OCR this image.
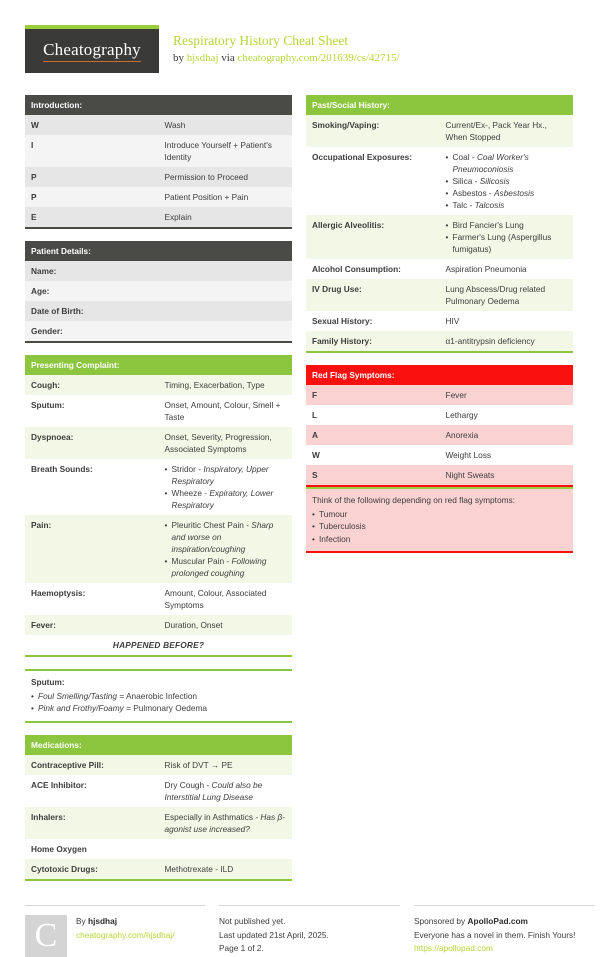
Cheatography Respiratory History Cheat Sheet
by hjsdhaj via cheatography.com/201639/cs/42715/
Introduction:	
W	Wash
I	Introduce Yourself + Patient's Identity
P	Permission to Proceed
P	Patient Position + Pain
E	Explain
Patient Details:	
Name:	
Age:	
Date of Birth:	
Gender:	
Presenting Complaint:	
Cough:	Timing, Exacerbation, Type
Sputum:	Onset, Amount, Colour, Smell + Taste
Dyspnoea:	Onset, Severity, Progression, Associated Symptoms
Breath Sounds:	
•Stridor - Inspiratory, Upper Respiratory
• Wheeze - Expiratory, Lower Respiratory

Pain:	
•Pleuritic Chest Pain - Sharp and worse on inspiration/coughing
• Muscular Pain - Following prolonged coughing

Haemoptysis:	Amount, Colour, Associated Symptoms
Fever:	Duration, Onset
HAPPENED BEFORE?	
Sputum:
• Foul Smelling/Tasting = Anaerobic Infection
• Pink and Frothy/Foamy = Pulmonary Oedema
Medications:	
Contraceptive Pill:	Risk of DVT → PE
ACE Inhibitor:	Dry Cough - Could also be Interstitial Lung Disease
Inhalers:	Especially in Asthmatics - Has β-agonist use increased?
Home Oxygen	
Cytotoxic Drugs:	Methotrexate - ILD
Past/Social History:	
Smoking/Vaping:	Current/Ex-, Pack Year Hx., When Stopped
Occupational Exposures:	
•Coal - Coal Worker's Pneumoconiosis
• Silica - Silicosis
• Asbestos - Asbestosis
• Talc - Talcosis

Allergic Alveolitis:	
•Bird Fancier's Lung
• Farmer's Lung (Aspergillus fumigatus)

Alcohol Consumption:	Aspiration Pneumonia
IV Drug Use:	Lung Abscess/Drug related Pulmonary Oedema
Sexual History:	HIV
Family History:	α1-antitrypsin deficiency
Red Flag Symptoms:	
F	Fever
L	Lethargy
A	Anorexia
W	Weight Loss
S	Night Sweats
Think of the following depending on red flag symptoms:
• Tumour
• Tuberculosis
• Infection
C	By hjsdhaj
cheatography.com/hjsdhaj/
Not published yet.
Last updated 21st April, 2025.
Page 1 of 2.
Sponsored by ApolloPad.com
Everyone has a novel in them. Finish Yours!
https://apollopad.com
